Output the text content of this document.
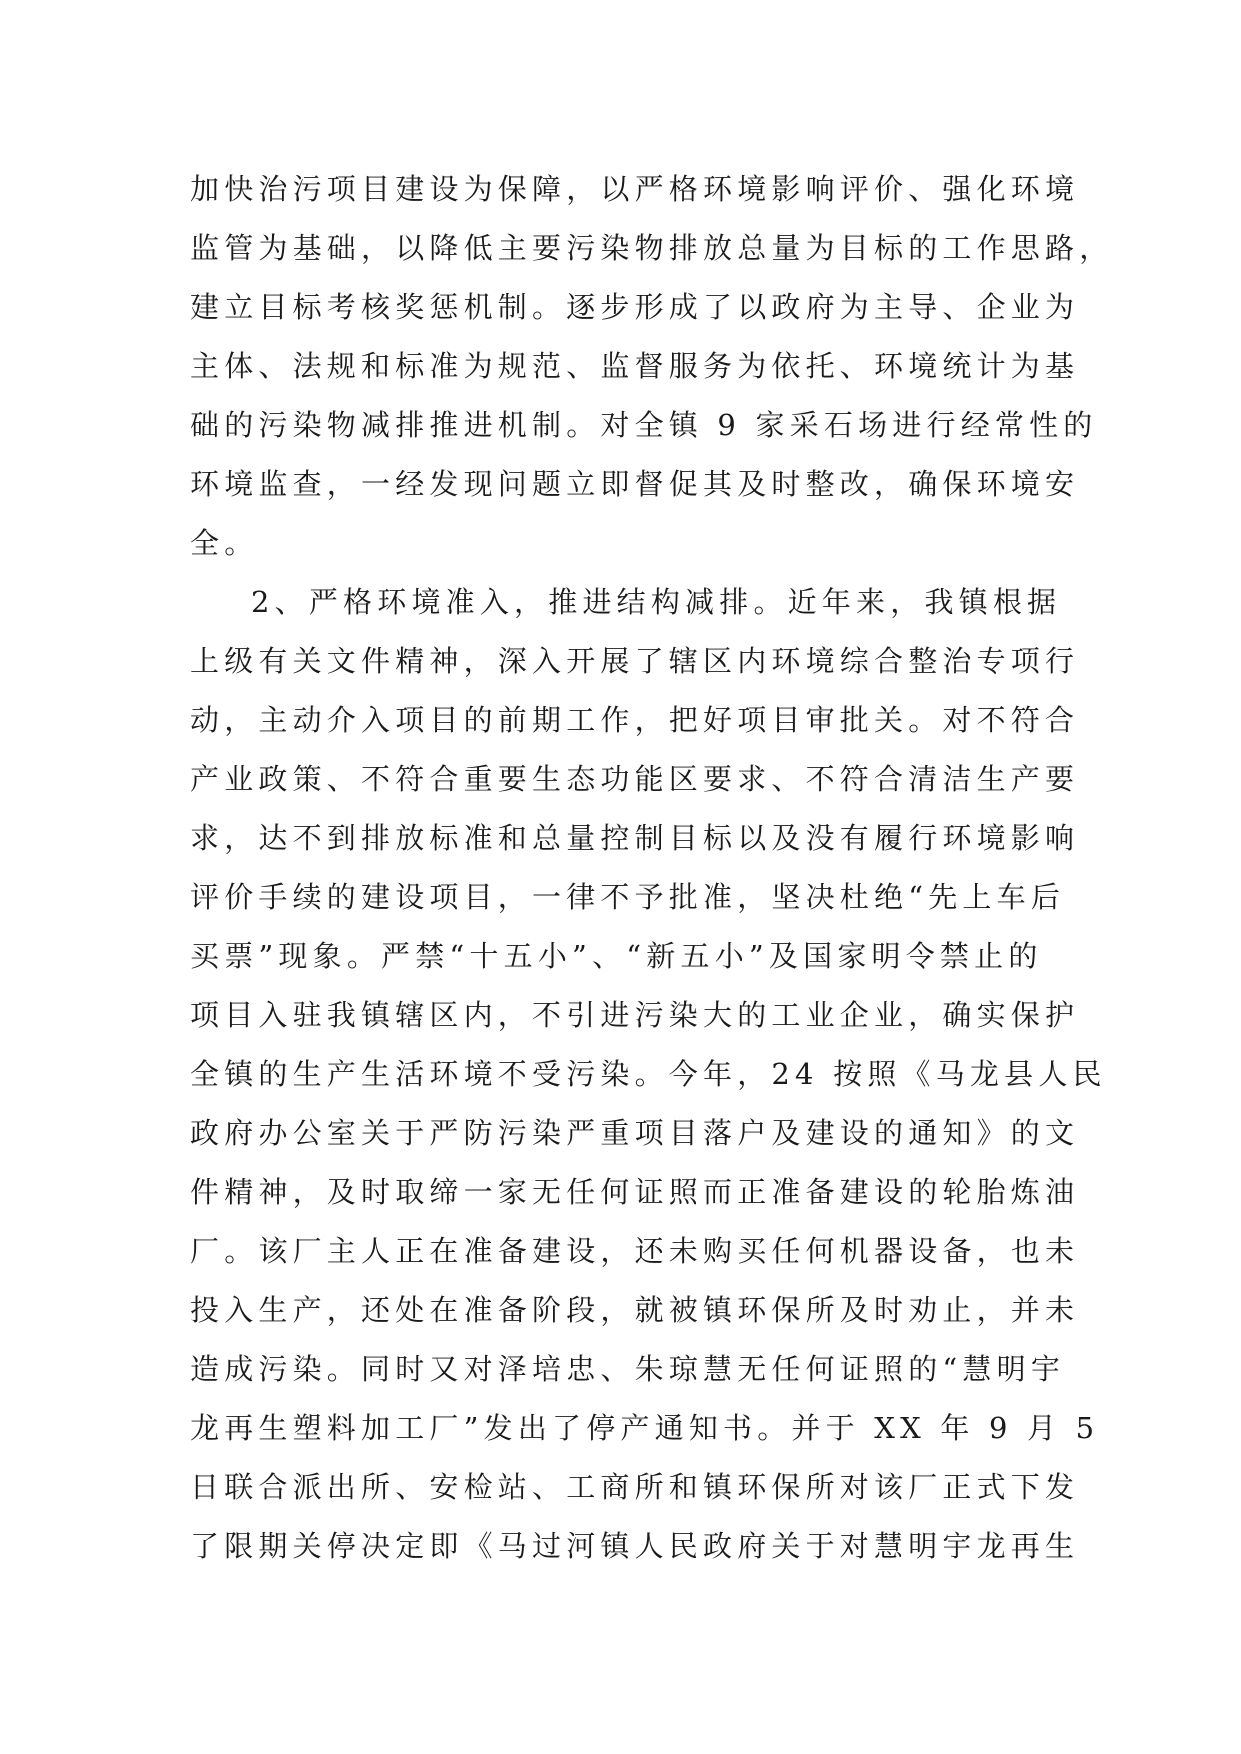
加快治污项目建设为保障，以严格环境影响评价、强化环境
监管为基础，以降低主要污染物排放总量为目标的工作思路，
建立目标考核奖惩机制。逐步形成了以政府为主导、企业为
主体、法规和标准为规范、监督服务为依托、环境统计为基
础的污染物减排推进机制。对全镇 9 家采石场进行经常性的
环境监查，一经发现问题立即督促其及时整改，确保环境安
全。
2、严格环境准入，推进结构减排。近年来，我镇根据
上级有关文件精神，深入开展了辖区内环境综合整治专项行
动，主动介入项目的前期工作，把好项目审批关。对不符合
产业政策、不符合重要生态功能区要求、不符合清洁生产要
求，达不到排放标准和总量控制目标以及没有履行环境影响
评价手续的建设项目，一律不予批准，坚决杜绝“先上车后
买票”现象。严禁“十五小”、“新五小”及国家明令禁止的
项目入驻我镇辖区内，不引进污染大的工业企业，确实保护
全镇的生产生活环境不受污染。今年，24 按照《马龙县人民
政府办公室关于严防污染严重项目落户及建设的通知》的文
件精神，及时取缔一家无任何证照而正准备建设的轮胎炼油
厂。该厂主人正在准备建设，还未购买任何机器设备，也未
投入生产，还处在准备阶段，就被镇环保所及时劝止，并未
造成污染。同时又对泽培忠、朱琼慧无任何证照的“慧明宇
龙再生塑料加工厂”发出了停产通知书。并于 XX 年 9 月 5
日联合派出所、安检站、工商所和镇环保所对该厂正式下发
了限期关停决定即《马过河镇人民政府关于对慧明宇龙再生
